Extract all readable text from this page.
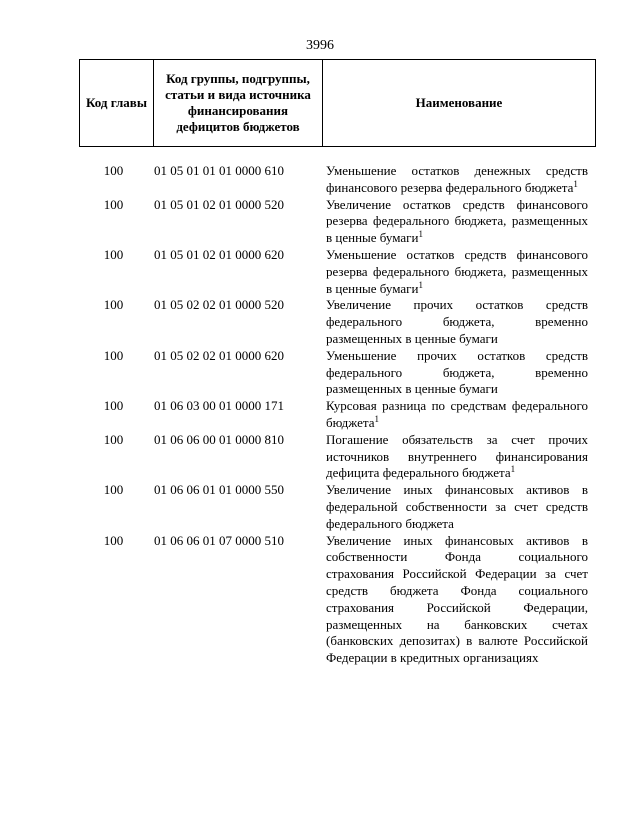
3996
Код главы	Код группы, подгруппы, статьи и вида источника финансирования дефицитов бюджетов	Наименование
100	01 05 01 01 01 0000 610	Уменьшение остатков денежных средств финансового резерва федерального бюджета$^1$
100	01 05 01 02 01 0000 520	Увеличение остатков средств финансового резерва федерального бюджета, размещенных в ценные бумаги$^1$
100	01 05 01 02 01 0000 620	Уменьшение остатков средств финансового резерва федерального бюджета, размещенных в ценные бумаги$^1$
100	01 05 02 02 01 0000 520	Увеличение прочих остатков средств федерального бюджета, временно размещенных в ценные бумаги
100	01 05 02 02 01 0000 620	Уменьшение прочих остатков средств федерального бюджета, временно размещенных в ценные бумаги
100	01 06 03 00 01 0000 171	Курсовая разница по средствам федерального бюджета$^1$
100	01 06 06 00 01 0000 810	Погашение обязательств за счет прочих источников внутреннего финансирования дефицита федерального бюджета$^1$
100	01 06 06 01 01 0000 550	Увеличение иных финансовых активов в федеральной собственности за счет средств федерального бюджета
100	01 06 06 01 07 0000 510	Увеличение иных финансовых активов в собственности Фонда социального страхования Российской Федерации за счет средств бюджета Фонда социального страхования Российской Федерации, размещенных на банковских счетах (банковских депозитах) в валюте Российской Федерации в кредитных организациях
